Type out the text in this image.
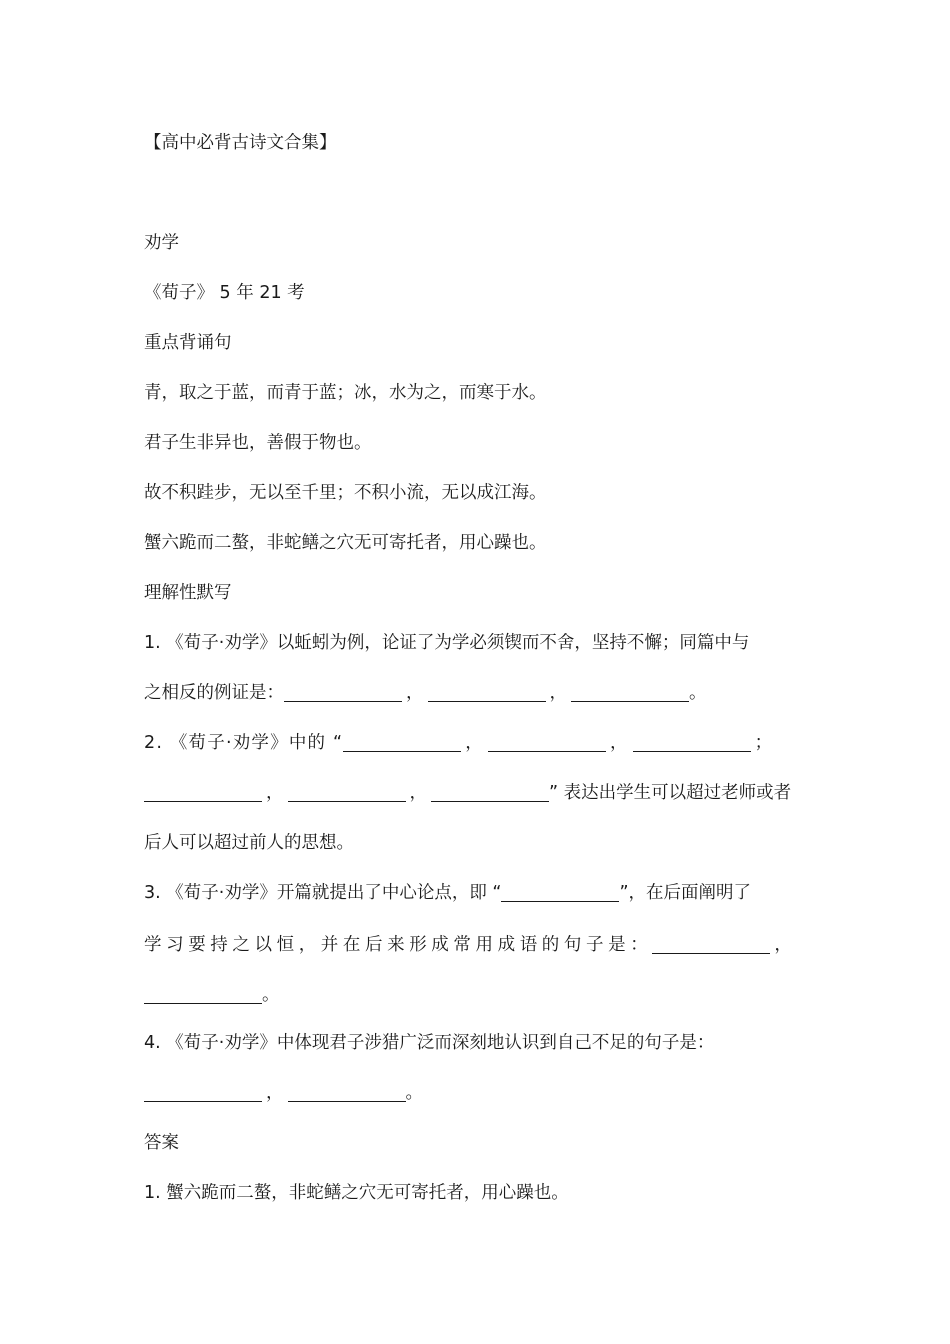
【高中必背古诗文合集】
劝学
《荀子》 5 年 21 考
重点背诵句
青，取之于蓝，而青于蓝；冰，水为之，而寒于水。
君子生非异也，善假于物也。
故不积跬步，无以至千里；不积小流，无以成江海。
蟹六跪而二螯，非蛇鳝之穴无可寄托者，用心躁也。
理解性默写
1. 《荀子·劝学》以蚯蚓为例，论证了为学必须锲而不舍，坚持不懈；同篇中与
之相反的例证是：	，	，	。
2. 《荀子·劝学》中的 “	，	，	；
，	，	” 表达出学生可以超过老师或者
后人可以超过前人的思想。
3. 《荀子·劝学》开篇就提出了中心论点，即 “	”，在后面阐明了
学习要持之以恒，并在后来形成常用成语的句子是：	，
。
4. 《荀子·劝学》中体现君子涉猎广泛而深刻地认识到自己不足的句子是：
，	。
答案
1. 蟹六跪而二螯，非蛇鳝之穴无可寄托者，用心躁也。
